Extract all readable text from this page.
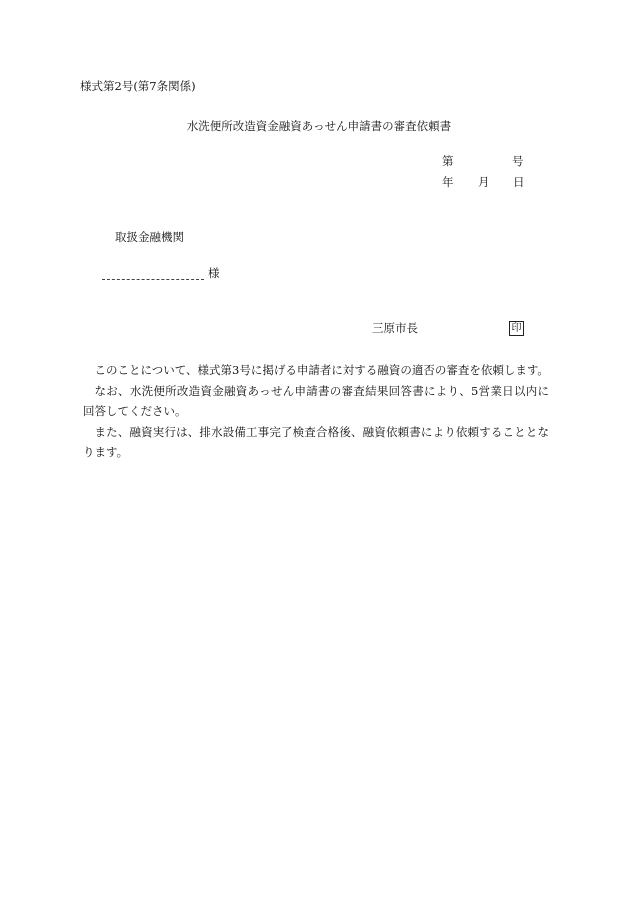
様式第2号(第7条関係)
水洗便所改造資金融資あっせん申請書の審査依頼書
第	号
年 月 日
取扱金融機関
様
三原市長	印

このことについて、様式第3号に掲げる申請者に対する融資の適否の審査を依頼します。

なお、水洗便所改造資金融資あっせん申請書の審査結果回答書により、5営業日以内に回答してください。

また、融資実行は、排水設備工事完了検査合格後、融資依頼書により依頼することとなります。
